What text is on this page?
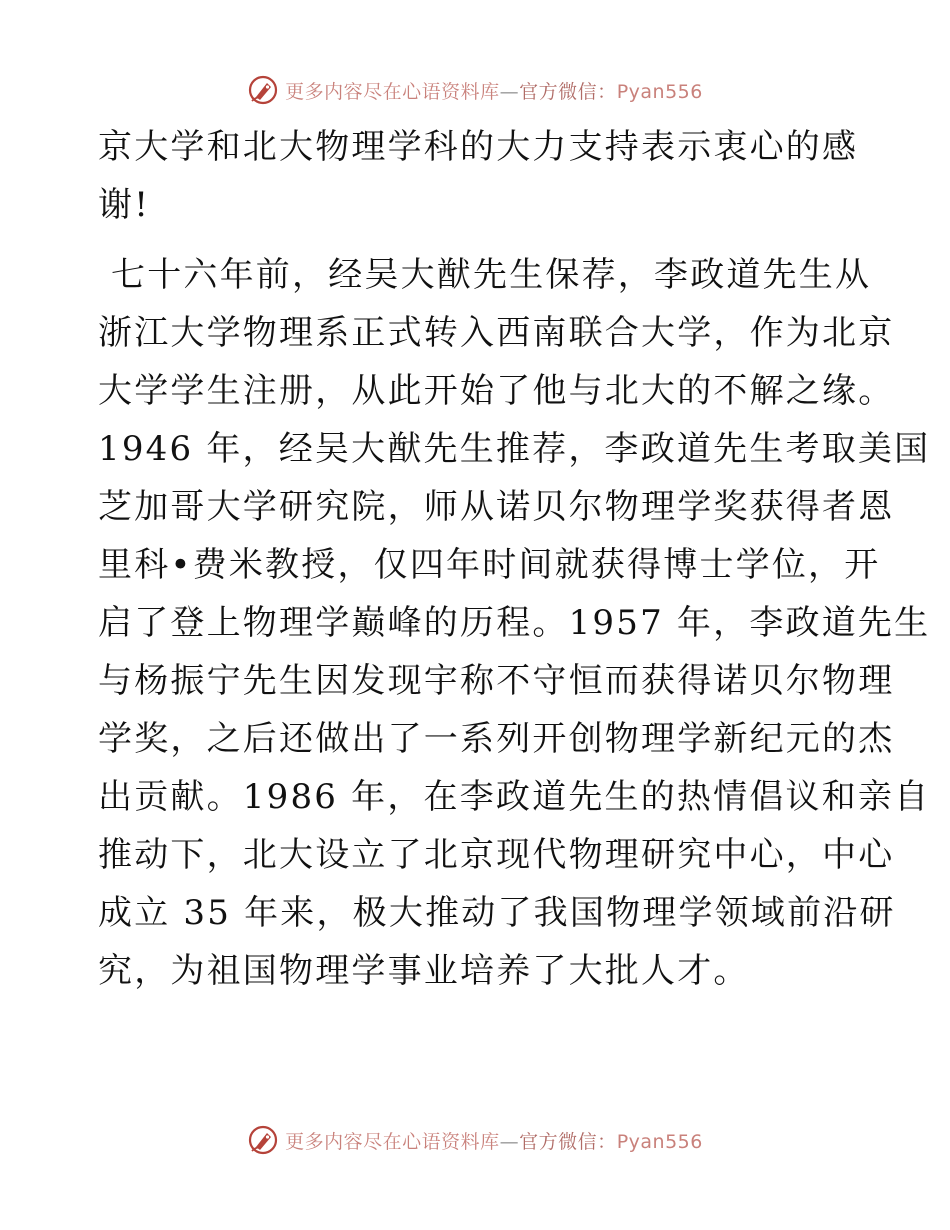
更多内容尽在心语资料库—官方微信：Pyan556
京大学和北大物理学科的大力支持表示衷心的感
谢!
七十六年前，经吴大猷先生保荐，李政道先生从
浙江大学物理系正式转入西南联合大学，作为北京
大学学生注册，从此开始了他与北大的不解之缘。
1946 年，经吴大猷先生推荐，李政道先生考取美国
芝加哥大学研究院，师从诺贝尔物理学奖获得者恩
里科•费米教授，仅四年时间就获得博士学位，开
启了登上物理学巅峰的历程。1957 年，李政道先生
与杨振宁先生因发现宇称不守恒而获得诺贝尔物理
学奖，之后还做出了一系列开创物理学新纪元的杰
出贡献。1986 年，在李政道先生的热情倡议和亲自
推动下，北大设立了北京现代物理研究中心，中心
成立 35 年来，极大推动了我国物理学领域前沿研
究，为祖国物理学事业培养了大批人才。
更多内容尽在心语资料库—官方微信：Pyan556
